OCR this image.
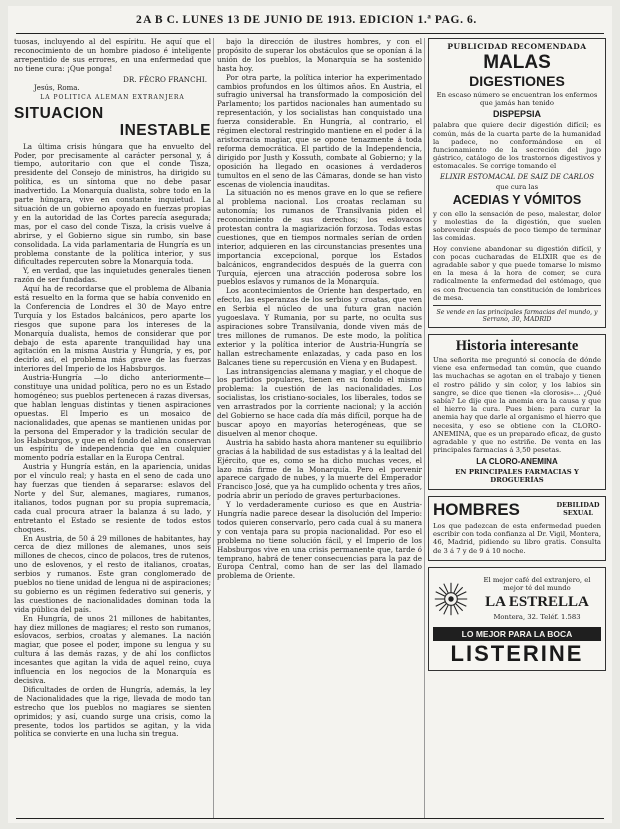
2 A B C. LUNES 13 DE JUNIO DE 1913. EDICION 1.ª PAG. 6.

tuosas, incluyendo al del espíritu. He aquí que el reconocimiento de un hombre piadoso é inteligente arrepentido de sus errores, en una enfermedad que no tiene cura: ¡Que ponga!

DR. FÉCRO FRANCHI.

Jesús, Roma.

LA POLITICA ALEMAN EXTRANJERA

SITUACION
INESTABLE

La última crisis húngara que ha envuelto del Poder, por precisamente al carácter personal y, á tiempo, autoritario con que el conde Tisza, presidente del Consejo de ministros, ha dirigido su política, es un síntoma que no debe pasar inadvertido. La Monarquía dualista, sobre todo en la parte húngara, vive en constante inquietud. La situación de un gobierno apoyado en fuerzas propias y en la autoridad de las Cortes parecía asegurada; mas, por el caso del conde Tisza, la crisis vuelve á abrirse, y el Gobierno sigue sin rumbo, sin base consolidada. La vida parlamentaria de Hungría es un problema constante de la política interior, y sus dificultades repercuten sobre la Monarquía toda.

Y, en verdad, que las inquietudes generales tienen razón de ser fundadas.

Aquí ha de recordarse que el problema de Albania está resuelto en la forma que se había convenido en la Conferencia de Londres el 30 de Mayo entre Turquía y los Estados balcánicos, pero aparte los riesgos que supone para los intereses de la Monarquía dualista, hemos de considerar que por debajo de esta aparente tranquilidad hay una agitación en la misma Austria y Hungría, y es, por decirlo así, el problema más grave de las fuerzas interiores del Imperio de los Habsburgos.

Austria-Hungría —lo dicho anteriormente— constituye una unidad política, pero no es un Estado homogéneo; sus pueblos pertenecen á razas diversas, que hablan lenguas distintas y tienen aspiraciones opuestas. El Imperio es un mosaico de nacionalidades, que apenas se mantienen unidas por la persona del Emperador y la tradición secular de los Habsburgos, y que en el fondo del alma conservan un espíritu de independencia que en cualquier momento podría estallar en la Europa Central.

Austria y Hungría están, en la apariencia, unidas por el vínculo real; y hasta en el seno de cada uno hay fuerzas que tienden á separarse: eslavos del Norte y del Sur, alemanes, magiares, rumanos, italianos, todos pugnan por su propia supremacía, cada cual procura atraer la balanza á su lado, y entretanto el Estado se resiente de todos estos choques.

En Austria, de 50 á 29 millones de habitantes, hay cerca de diez millones de alemanes, unos seis millones de checos, cinco de polacos, tres de rutenos, uno de eslovenos, y el resto de italianos, croatas, serbios y rumanos. Este gran conglomerado de pueblos no tiene unidad de lengua ni de aspiraciones; su gobierno es un régimen federativo sui generis, y las cuestiones de nacionalidades dominan toda la vida pública del país.

En Hungría, de unos 21 millones de habitantes, hay diez millones de magiares; el resto son rumanos, eslovacos, serbios, croatas y alemanes. La nación magiar, que posee el poder, impone su lengua y su cultura á las demás razas, y de ahí los conflictos incesantes que agitan la vida de aquel reino, cuya influencia en los negocios de la Monarquía es decisiva.

Dificultades de orden de Hungría, además, la ley de Nacionalidades que la rige, llevada de modo tan estrecho que los pueblos no magiares se sienten oprimidos; y así, cuando surge una crisis, como la presente, todos los partidos se agitan, y la vida política se convierte en una lucha sin tregua.

bajo la dirección de ilustres hombres, y con el propósito de superar los obstáculos que se oponían á la unión de los pueblos, la Monarquía se ha sostenido hasta hoy.

Por otra parte, la política interior ha experimentado cambios profundos en los últimos años. En Austria, el sufragio universal ha transformado la composición del Parlamento; los partidos nacionales han aumentado su representación, y los socialistas han conquistado una fuerza considerable. En Hungría, al contrario, el régimen electoral restringido mantiene en el poder á la aristocracia magiar, que se opone tenazmente á toda reforma democrática. El partido de la Independencia, dirigido por Justh y Kossuth, combate al Gobierno; y la oposición ha llegado en ocasiones á verdaderos tumultos en el seno de las Cámaras, donde se han visto escenas de violencia inauditas.

La situación no es menos grave en lo que se refiere al problema nacional. Los croatas reclaman su autonomía; los rumanos de Transilvania piden el reconocimiento de sus derechos; los eslovacos protestan contra la magiarización forzosa. Todas estas cuestiones, que en tiempos normales serían de orden interior, adquieren en las circunstancias presentes una importancia excepcional, porque los Estados balcánicos, engrandecidos después de la guerra con Turquía, ejercen una atracción poderosa sobre los pueblos eslavos y rumanos de la Monarquía.

Los acontecimientos de Oriente han despertado, en efecto, las esperanzas de los serbios y croatas, que ven en Serbia el núcleo de una futura gran nación yugoeslava. Y Rumania, por su parte, no oculta sus aspiraciones sobre Transilvania, donde viven más de tres millones de rumanos. De este modo, la política exterior y la política interior de Austria-Hungría se hallan estrechamente enlazadas, y cada paso en los Balcanes tiene su repercusión en Viena y en Budapest.

Las intransigencias alemana y magiar, y el choque de los partidos populares, tienen en su fondo el mismo problema: la cuestión de las nacionalidades. Los socialistas, los cristiano-sociales, los liberales, todos se ven arrastrados por la corriente nacional; y la acción del Gobierno se hace cada día más difícil, porque ha de buscar apoyo en mayorías heterogéneas, que se disuelven al menor choque.

Austria ha sabido hasta ahora mantener su equilibrio gracias á la habilidad de sus estadistas y á la lealtad del Ejército, que es, como se ha dicho muchas veces, el lazo más firme de la Monarquía. Pero el porvenir aparece cargado de nubes, y la muerte del Emperador Francisco José, que ya ha cumplido ochenta y tres años, podría abrir un período de graves perturbaciones.

Y lo verdaderamente curioso es que en Austria-Hungría nadie parece desear la disolución del Imperio: todos quieren conservarlo, pero cada cual á su manera y con ventaja para su propia nacionalidad. Por eso el problema no tiene solución fácil, y el Imperio de los Habsburgos vive en una crisis permanente que, tarde ó temprano, habrá de tener consecuencias para la paz de Europa Central, como han de ser las del llamado problema de Oriente.

PUBLICIDAD RECOMENDADA

MALAS

DIGESTIONES

En escaso número se encuentran los enfermos que jamás han tenido

DISPEPSIA

palabra que quiere decir digestión difícil; es común, más de la cuarta parte de la humanidad la padece, no conformándose en el funcionamiento de la secreción del jugo gástrico, catálogo de los trastornos digestivos y estomacales. Se corrige tomando el

ELIXIR ESTOMACAL DE SAIZ DE CARLOS

que cura las

ACEDIAS Y VÓMITOS

y con ello la sensación de peso, malestar, dolor y molestias de la digestión, que suelen sobrevenir después de poco tiempo de terminar las comidas.

Hoy conviene abandonar su digestión difícil, y con pocas cucharadas de ELIXIR que es de agradable sabor y que puede tomarse lo mismo en la mesa á la hora de comer, se cura radicalmente la enfermedad del estómago, que es con frecuencia tan constitución de lombrices de mesa.

Se vende en las principales farmacias del mundo, y Serrano, 30, MADRID

Historia interesante

Una señorita me preguntó si conocía de dónde viene esa enfermedad tan común, que cuando las muchachas se agotan en el trabajo y tienen el rostro pálido y sin color, y los labios sin sangre, se dice que tienen «la clorosis»... ¿Qué sabía? Le dije que la anemia era la causa y que el hierro la cura. Pues bien: para curar la anemia hay que darle al organismo el hierro que necesita, y eso se obtiene con la CLORO-ANEMINA, que es un preparado eficaz, de gusto agradable y que no estriñe. De venta en las principales farmacias á 3,50 pesetas.

LA CLORO-ANEMINA

EN PRINCIPALES FARMACIAS Y DROGUERÍAS

HOMBRES	DEBILIDAD SEXUAL

Los que padezcan de esta enfermedad pueden escribir con toda confianza al Dr. Vigil, Montera, 46, Madrid, pidiendo su libro gratis. Consulta de 3 á 7 y de 9 á 10 noche.

El mejor café del extranjero, el mejor té del mundo

LA ESTRELLA

Montera, 32. Teléf. 1.583

LO MEJOR PARA LA BOCA

LISTERINE
